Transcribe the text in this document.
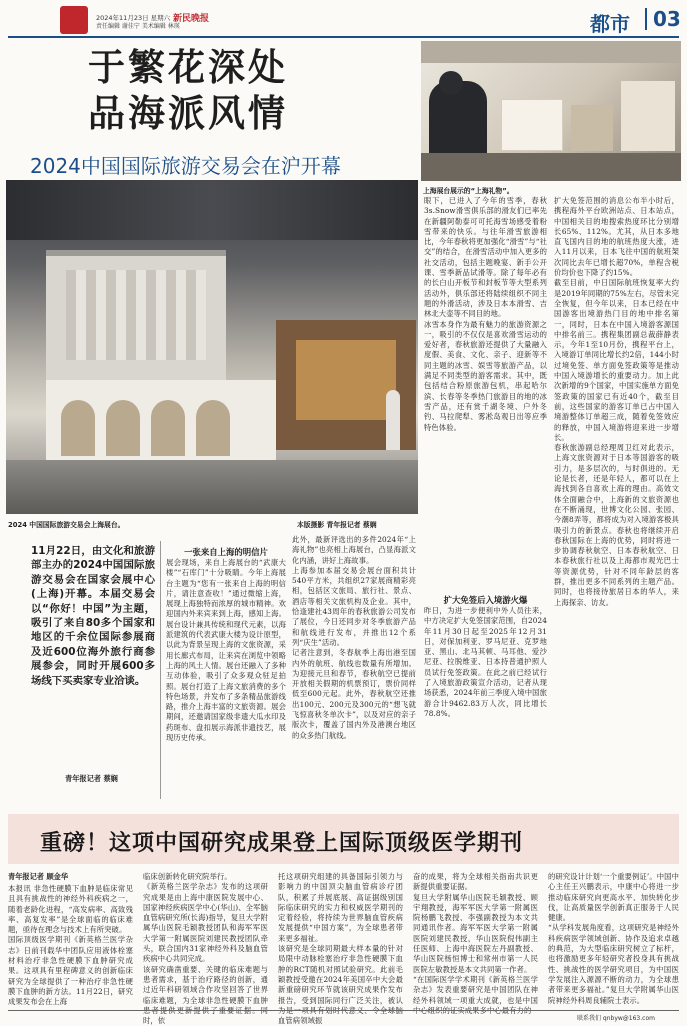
2024年11月23日 星期六
责任编辑 谢佳宁 美术编辑 林瑛
新民晚报	都市	03
于繁花深处
品海派风情
2024中国国际旅游交易会在沪开幕
上海展台展示的“上海礼物”。
2024 中国国际旅游交易会上海展台。	本版摄影 青年报记者 蔡娴
11月22日，由文化和旅游部主办的2024中国国际旅游交易会在国家会展中心(上海)开幕。本届交易会以“你好！中国”为主题，吸引了来自80多个国家和地区的千余位国际参展商及近600位海外旅行商参展参会，同时开展600多场线下买卖家专业洽谈。
青年报记者 蔡娴
一张来自上海的明信片
展会现场，来自上海展台的“武康大楼”“石库门”十分吸睛。今年上海展台主题为“您有一张来自上海的明信片，请注意查收！”通过微缩上海，展现上海独特而浓厚的城市精神。欢迎国内外来宾来到上海，感知上海。展台设计兼具传统和现代元素，以海派建筑的代表武康大楼为设计原型，以此为背景呈现上海的文旅资源，采用长廊式布局，让来宾在浏览中领略上海的风土人情。展台还融入了多种互动体验，吸引了众多观众驻足拍照。展台打造了上海文旅消费的多个特色场景，并发布了多条精品旅游线路，推介上海丰富的文旅资源。展会期间，还邀请国家级非遗大瓜水印及药斑布、盘扣展示海派非遗技艺，展现历史传承。
此外，最新评选出的多件2024年“上海礼物”也亮相上海展台，凸显海派文化内涵，讲好上海故事。
上海参加本届交易会展台面积共计540平方米，共组织27家展商精彩亮相，包括区文旅局、旅行社、景点、酒店等相关文旅机构及企业。其中，恰逢建社43周年的春秋旅游公司发布了展位，今日还同步对冬季旅游产品和航线进行发布，并推出12个系列“庆生”活动。
记者注意到，冬春航季上海出港至国内外的航班、航线也数量有所增加。为迎接元旦和春节，春秋航空已提前开放相关假期的机票预订，票价同样低至600元起。此外，春秋航空还推出100元、200元及300元的“想飞就飞惊喜秋冬单次卡”，以及对应的亲子版次卡，覆盖了国内外及港澳台地区的众多热门航线。
眼下，已进入了今年的雪季，春秋3s.Snow滑雪俱乐部的滑友们已率先在新疆阿勒泰可可托海雪场感受着粉雪带来的快乐。与往年滑雪旅游相比，今年春秋将更加强化“滑雪”与“社交”的结合，在滑雪活动中加入更多的社交活动，包括主题晚宴、新手公开课、雪季新品试滑等。除了每年必有的长白山开板节和封板节等大型系列活动外，俱乐部还将陆续组织不同主题的外滑活动，涉及日本本滑雪、吉林北大壶等不同目的地。
冰雪本身作为最有魅力的旅游资源之一，吸引的不仅仅是喜欢滑雪运动的爱好者，春秋旅游还提供了大量融入度假、美食、文化、亲子、迎新等不同主题的冰雪、娱雪等旅游产品，以满足不同类型的游客需求。其中，既包括结合粉原旅游包机，串起哈尔滨、长春等冬季热门旅游目的地的冰雪产品，还有赏千湖冬境、户外冬钓、马拉爬犁、雾凇岛观日出等应季特色体验。
扩大免签后入境游火爆
昨日，为进一步便利中外人员往来，中方决定扩大免签国家范围，自2024年11月30日起至2025年12月31日，对保加利亚、罗马尼亚、克罗地亚、黑山、北马其顿、马耳他、爱沙尼亚、拉脱维亚、日本持普通护照人员试行免签政策。在此之前已经试行了入境旅游政策宣介活动，记者从现场获悉，2024年前三季度入境中国旅游合计9462.83万人次，同比增长78.8%。
扩大免签范围的消息公布半小时后，携程海外平台欧洲站点、日本站点，中国相关目的地搜索热度环比分别增长65%、112%。尤其，从日本多地直飞国内目的地的航班热度大涨，进入11月以来，日本飞往中国的航班架次同比去年已增长超70%，单程含税价均价也下降了约15%。
截至目前，中日国际航班恢复率大约是2019年同期的75%左右，尽管未完全恢复，但今年以来，日本已经在中国游客出境游热门目的地中排名第一，同时，日本在中国入境游客源国中排名前三。携程集团副总裁薛静表示，今年1至10月份，携程平台上，入境游订单同比增长约2倍，144小时过境免签、单方面免签政策等是推动中国入境游增长的重要动力。加上此次新增的9个国家，中国实施单方面免签政策的国家已有近40个，截至目前，这些国家的游客订单已占中国入境游整体订单超三成，随着免签效应的释放，中国入境游将迎来进一步增长。
春秋旅游副总经理周卫红对此表示，上海文旅资源对于日本等国游客的吸引力，是多层次的，与时俱进的。无论是长者，还是年轻人，都可以在上海找到各自喜欢上海的理由。高效文体全面融合中，上海新的文旅资源也在不断涌现，世博文化公园、张园、今潮8弄等，都将成为对入境游客极具吸引力的新景点。春秋也将继续开启春秋国际在上海的优势，同时将进一步协调春秋航空、日本春秋航空、日本春秋旅行社以及上海都市观光巴士等资源优势，针对不同年龄层的客群，推出更多不同系列的主题产品。同时，也将接待旅居日本的华人，来上海探亲、访友。
重磅！这项中国研究成果登上国际顶级医学期刊
青年报记者 顾金华
本报讯 非急性硬膜下血肿是临床常见且具有挑战性的神经外科疾病之一，随着老龄化进程，“高发病率、高致残率、高复发率”是全球面临的临床难题，亟待在理念与技术上有所突破。
国际顶级医学期刊《新英格兰医学杂志》日前刊载华中团队应用液体栓塞材料治疗非急性硬膜下血肿研究成果。这项具有里程碑意义的创新临床研究为全球提供了一种治疗非急性硬膜下血肿的新方法。11月22日，研究成果发布会在上海
临床创新转化研究院举行。
《新英格兰医学杂志》发布的这项研究成果是由上海中康医院发展中心、国家神经疾病医学中心(华山)、全军脑血管病研究所(长海)指导，复旦大学附属华山医院毛颖教授团队和海军军医大学第一附属医院刘建民教授团队牵头，联合国内31家神经外科及脑血管疾病中心共同完成。
该研究确凿重要、关键的临床难题与患者需求，基于治疗路径的创新，通过近年科研领域合作攻坚回答了世界临床难题，为全球非急性硬膜下血肿 时，依
托这项研究组建的具备国际引领力与影响力的中国顶尖脑血管病诊疗团队，积累了并展底展、高证据级别国际临床研究的实力和权威医学期刊的定着经验，将持续为世界脑血管疾病发展提供“中国方案”，为全球患者带来更多福祉。
该研究是全球同期最大样本量的针对局限中动脉栓塞治疗非急性硬膜下血肿的RCT随机对照试验研究。此前毛颖教授受邀在2024年美国卒中大会最新重磅研究环节就该研究成果作发布报告，受到国际同行广泛关注，被认 血管病领域振
奋的成果，将为全球相关指南共识更新提供重要证据。
复旦大学附属华山医院毛颖教授、顾宇翔教授，海军军医大学第一附属医院杨鹏飞教授、李强副教授为本文共同通讯作者。海军军医大学第一附属医院刘建民教授，华山医院倪伟副主任医师、上海中海医院左丹副教授、华山医院杨恒博士和常州市第一人民医院左敏教授是本文共同第一作者。
“在国际医学学术期刊《新英格兰医学杂志》发表重要研究是中国团队在神经外科领域一项重大成就，也是中国
的研究设计计划‘一个重要例证’。中国中心主任王兴鹏表示，中康中心将进一步推动临床研究向更高水平、加快转化步伐，让高质量医学创新真正服务于人民健康。
“从学科发展角度看，这项研究是神经外科疾病医学领域创新、协作及追求卓越的典范，为大型临床研究树立了标杆，也将激励更多年轻研究者投身具有挑战性、挑战性的医学研究项目，为中国医学发展注入源源不断的动力，为全球患者带来更多福祉。”复旦大学附属华山医院神经外科周良辅院士表示。
联系我们 qnbyw@163.com
